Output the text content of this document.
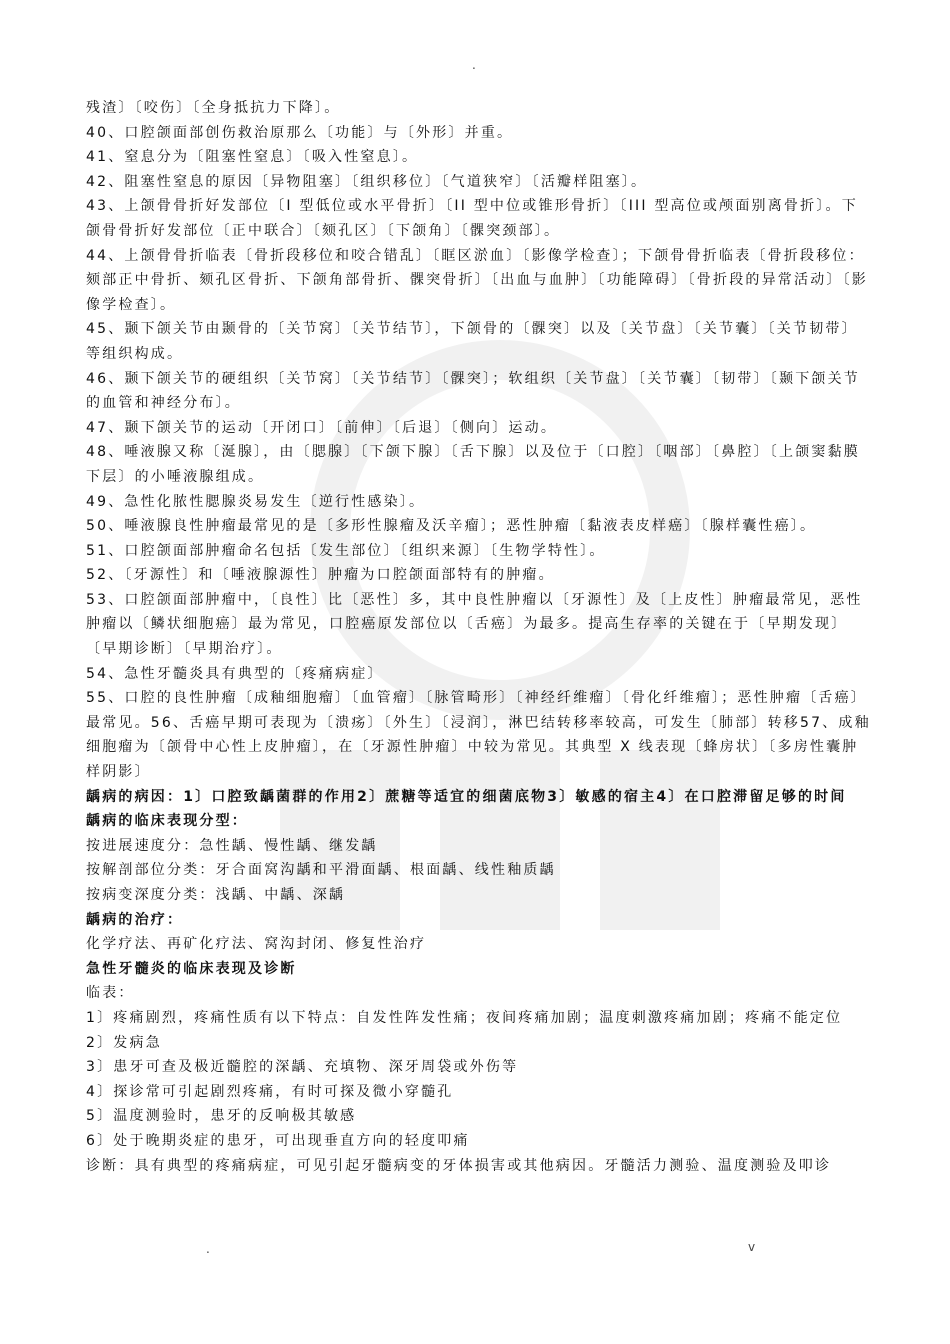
.

残渣〕〔咬伤〕〔全身抵抗力下降〕。

40、口腔颌面部创伤救治原那么〔功能〕与〔外形〕并重。

41、窒息分为〔阻塞性窒息〕〔吸入性窒息〕。

42、阻塞性窒息的原因〔异物阻塞〕〔组织移位〕〔气道狭窄〕〔活瓣样阻塞〕。

43、上颌骨骨折好发部位〔I 型低位或水平骨折〕〔II 型中位或锥形骨折〕〔III 型高位或颅面别离骨折〕。下颌骨骨折好发部位〔正中联合〕〔颏孔区〕〔下颌角〕〔髁突颈部〕。

44、上颌骨骨折临表〔骨折段移位和咬合错乱〕〔眶区淤血〕〔影像学检查〕；下颌骨骨折临表〔骨折段移位：颏部正中骨折、颏孔区骨折、下颌角部骨折、髁突骨折〕〔出血与血肿〕〔功能障碍〕〔骨折段的异常活动〕〔影像学检查〕。

45、颞下颌关节由颞骨的〔关节窝〕〔关节结节〕，下颌骨的〔髁突〕以及〔关节盘〕〔关节囊〕〔关节韧带〕等组织构成。

46、颞下颌关节的硬组织〔关节窝〕〔关节结节〕〔髁突〕；软组织〔关节盘〕〔关节囊〕〔韧带〕〔颞下颌关节的血管和神经分布〕。

47、颞下颌关节的运动〔开闭口〕〔前伸〕〔后退〕〔侧向〕运动。

48、唾液腺又称〔涎腺〕，由〔腮腺〕〔下颌下腺〕〔舌下腺〕以及位于〔口腔〕〔咽部〕〔鼻腔〕〔上颌窦黏膜下层〕的小唾液腺组成。

49、急性化脓性腮腺炎易发生〔逆行性感染〕。

50、唾液腺良性肿瘤最常见的是〔多形性腺瘤及沃辛瘤〕；恶性肿瘤〔黏液表皮样癌〕〔腺样囊性癌〕。

51、口腔颌面部肿瘤命名包括〔发生部位〕〔组织来源〕〔生物学特性〕。

52、〔牙源性〕和〔唾液腺源性〕肿瘤为口腔颌面部特有的肿瘤。

53、口腔颌面部肿瘤中，〔良性〕比〔恶性〕多，其中良性肿瘤以〔牙源性〕及〔上皮性〕肿瘤最常见，恶性肿瘤以〔鳞状细胞癌〕最为常见，口腔癌原发部位以〔舌癌〕为最多。提高生存率的关键在于〔早期发现〕〔早期诊断〕〔早期治疗〕。

54、急性牙髓炎具有典型的〔疼痛病症〕

55、口腔的良性肿瘤〔成釉细胞瘤〕〔血管瘤〕〔脉管畸形〕〔神经纤维瘤〕〔骨化纤维瘤〕；恶性肿瘤〔舌癌〕最常见。56、舌癌早期可表现为〔溃疡〕〔外生〕〔浸润〕，淋巴结转移率较高，可发生〔肺部〕转移57、成釉细胞瘤为〔颌骨中心性上皮肿瘤〕，在〔牙源性肿瘤〕中较为常见。其典型 X 线表现〔蜂房状〕〔多房性囊肿样阴影〕

龋病的病因：1〕口腔致龋菌群的作用2〕蔗糖等适宜的细菌底物3〕敏感的宿主4〕在口腔滞留足够的时间

龋病的临床表现分型：

按进展速度分：急性龋、慢性龋、继发龋

按解剖部位分类：牙合面窝沟龋和平滑面龋、根面龋、线性釉质龋

按病变深度分类：浅龋、中龋、深龋

龋病的治疗：

化学疗法、再矿化疗法、窝沟封闭、修复性治疗

急性牙髓炎的临床表现及诊断

临表：

1〕疼痛剧烈，疼痛性质有以下特点：自发性阵发性痛；夜间疼痛加剧；温度刺激疼痛加剧；疼痛不能定位

2〕发病急

3〕患牙可查及极近髓腔的深龋、充填物、深牙周袋或外伤等

4〕探诊常可引起剧烈疼痛，有时可探及微小穿髓孔

5〕温度测验时，患牙的反响极其敏感

6〕处于晚期炎症的患牙，可出现垂直方向的轻度叩痛

诊断：具有典型的疼痛病症，可见引起牙髓病变的牙体损害或其他病因。牙髓活力测验、温度测验及叩诊

.	v
